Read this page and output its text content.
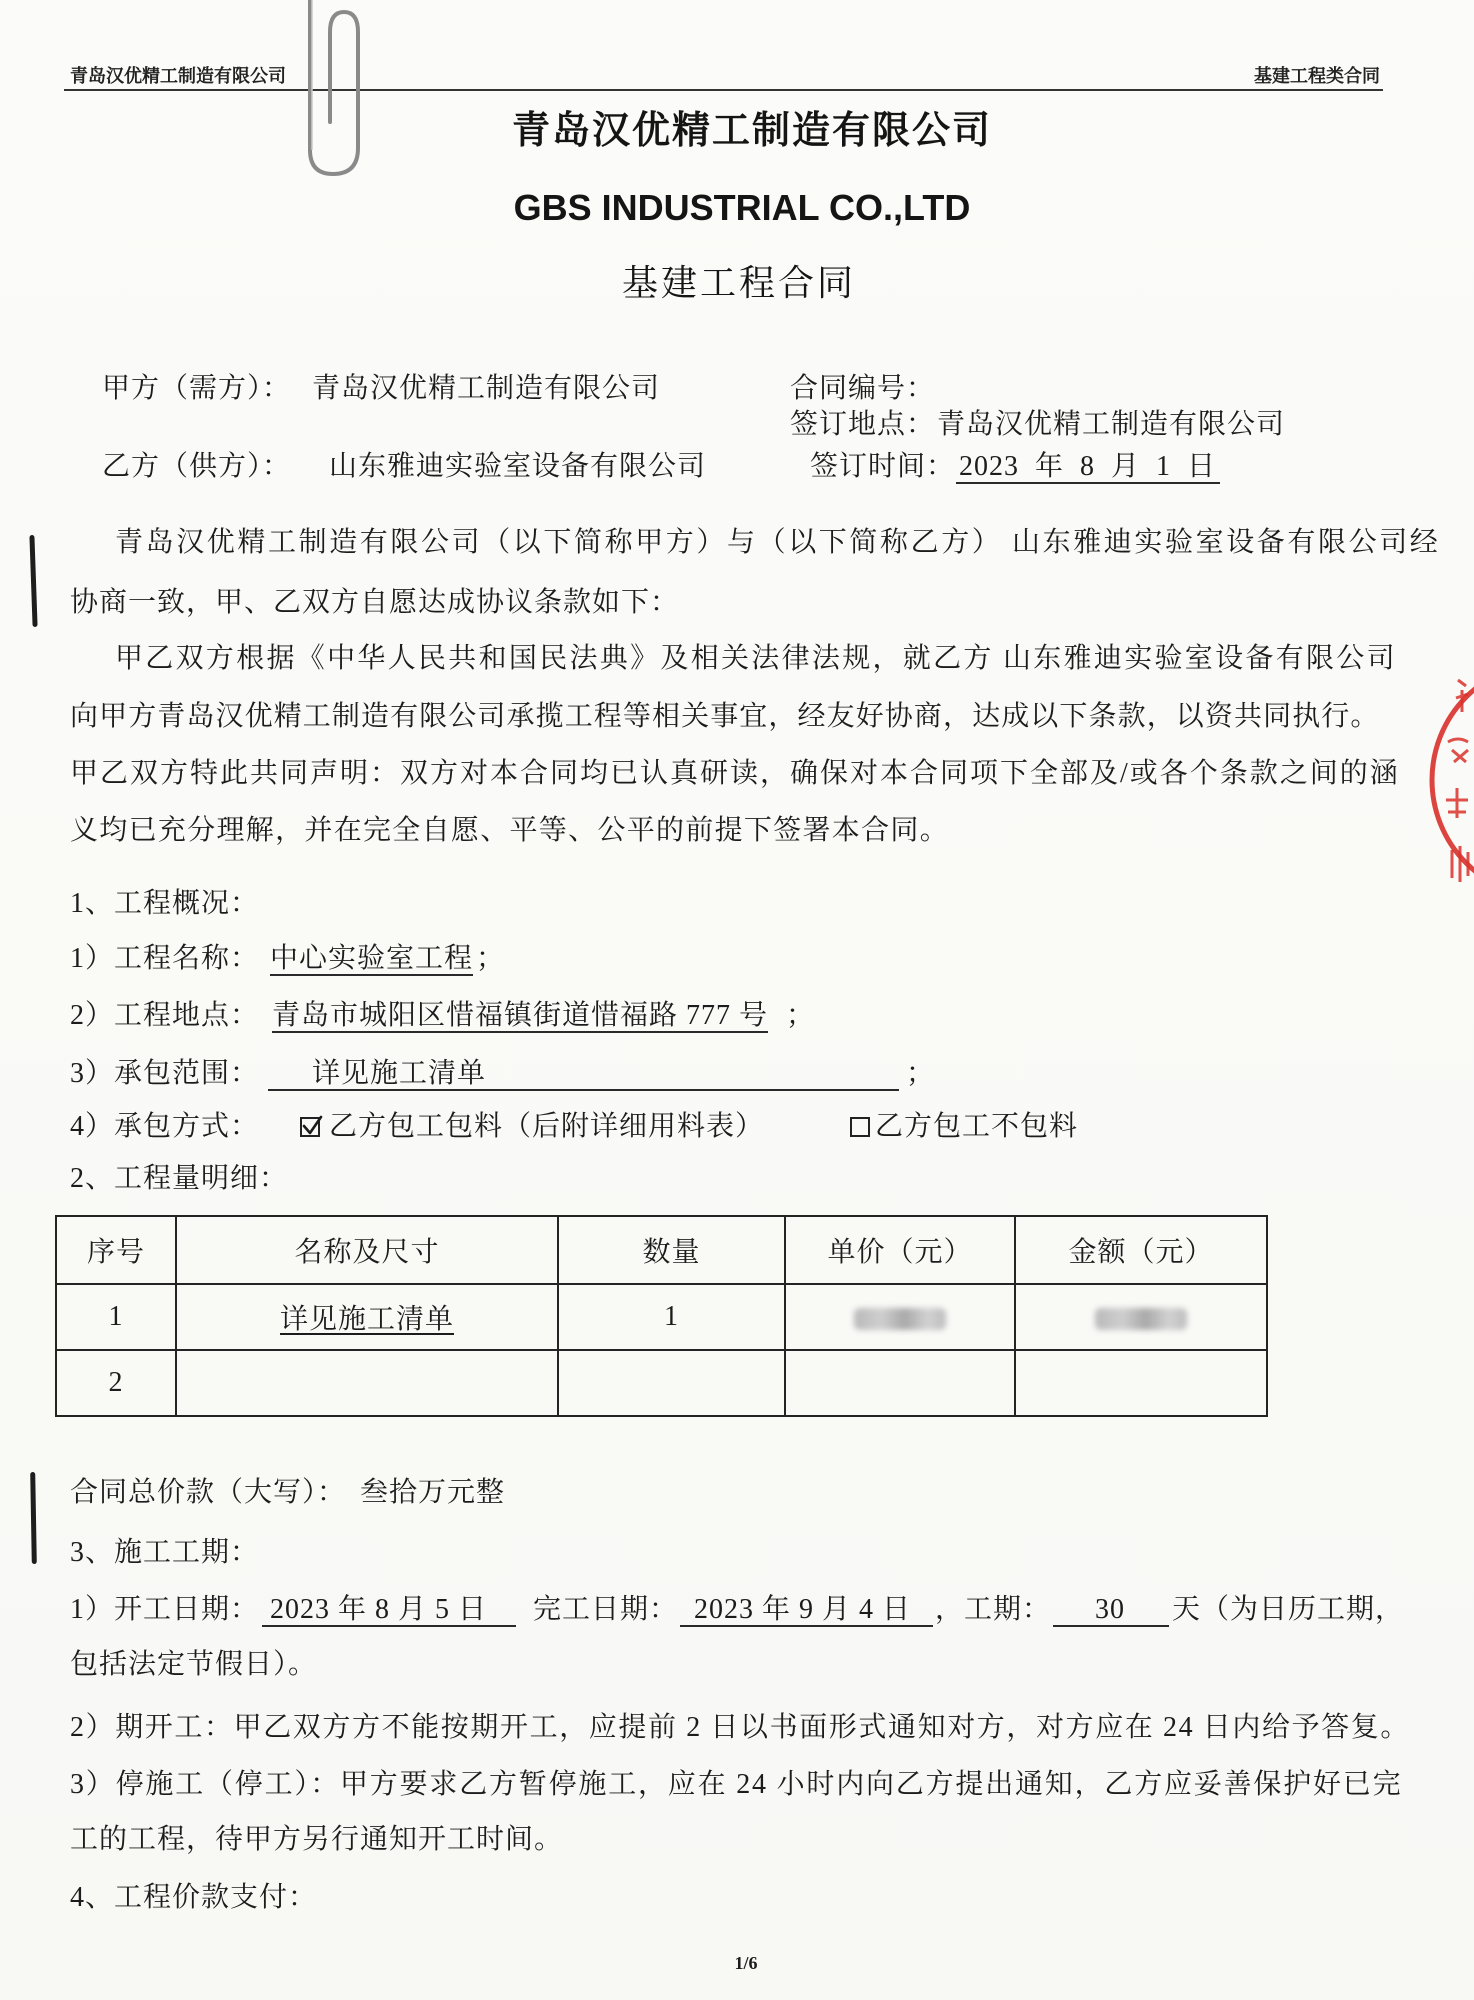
青岛汉优精工制造有限公司	基建工程类合同
青岛汉优精工制造有限公司
GBS INDUSTRIAL CO.,LTD
基建工程合同
甲方（需方）： 青岛汉优精工制造有限公司	合同编号：
签订地点： 青岛汉优精工制造有限公司
乙方（供方）： 山东雅迪实验室设备有限公司	签订时间： 2023 年 8 月 1 日
青岛汉优精工制造有限公司（以下简称甲方）与（以下简称乙方） 山东雅迪实验室设备有限公司经
协商一致，甲、乙双方自愿达成协议条款如下：
甲乙双方根据《中华人民共和国民法典》及相关法律法规，就乙方 山东雅迪实验室设备有限公司
向甲方青岛汉优精工制造有限公司承揽工程等相关事宜，经友好协商，达成以下条款，以资共同执行。
甲乙双方特此共同声明：双方对本合同均已认真研读，确保对本合同项下全部及/或各个条款之间的涵
义均已充分理解，并在完全自愿、平等、公平的前提下签署本合同。
1、工程概况：
1）工程名称： 中心实验室工程 ；
2）工程地点： 青岛市城阳区惜福镇街道惜福路 777 号 ；
3）承包范围：	详见施工清单	；
4）承包方式： 乙方包工包料（后附详细用料表）	乙方包工不包料
2、工程量明细：
序号	名称及尺寸	数量	单价（元）	金额（元）
1	详见施工清单	1		
2				
合同总价款（大写）： 叁拾万元整
3、施工工期：
1）开工日期： 2023 年 8 月 5 日	完工日期： 2023 年 9 月 4 日 ，工期：	30	天（为日历工期，
包括法定节假日）。
2）期开工：甲乙双方方不能按期开工，应提前 2 日以书面形式通知对方，对方应在 24 日内给予答复。
3）停施工（停工）：甲方要求乙方暂停施工，应在 24 小时内向乙方提出通知，乙方应妥善保护好已完
工的工程，待甲方另行通知开工时间。
4、工程价款支付：
1/6
